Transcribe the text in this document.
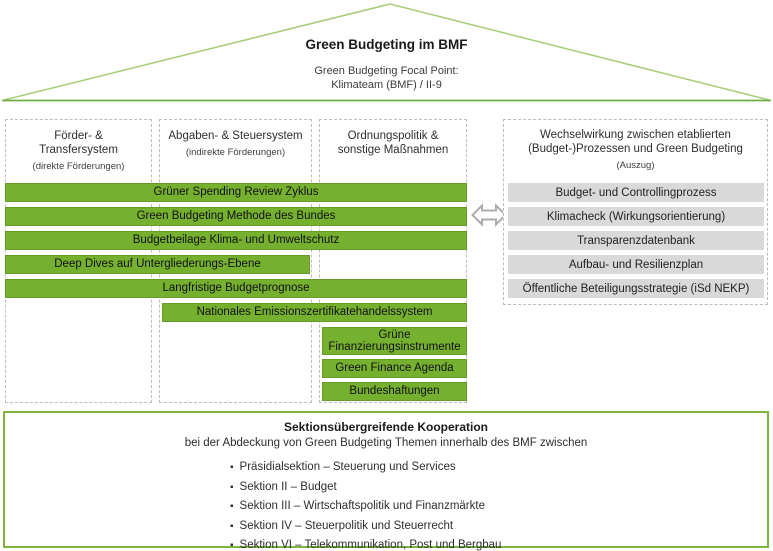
Green Budgeting im BMF
Green Budgeting Focal Point:
Klimateam (BMF) / II-9
Förder- & Transfersystem
(direkte Förderungen)
Abgaben- & Steuersystem
(indirekte Förderungen)
Ordnungspolitik & sonstige Maßnahmen
Grüner Spending Review Zyklus
Green Budgeting Methode des Bundes
Budgetbeilage Klima- und Umweltschutz
Deep Dives auf Untergliederungs-Ebene
Langfristige Budgetprognose
Nationales Emissionszertifikatehandelssystem
Grüne Finanzierungsinstrumente
Green Finance Agenda
Bundeshaftungen
Wechselwirkung zwischen etablierten (Budget-)Prozessen und Green Budgeting
(Auszug)
Budget- und Controllingprozess
Klimacheck (Wirkungsorientierung)
Transparenzdatenbank
Aufbau- und Resilienzplan
Öffentliche Beteiligungsstrategie (iSd NEKP)
Sektionsübergreifende Kooperation
bei der Abdeckung von Green Budgeting Themen innerhalb des BMF zwischen
▪ Präsidialsektion – Steuerung und Services
▪ Sektion II – Budget
▪ Sektion III – Wirtschaftspolitik und Finanzmärkte
▪ Sektion IV – Steuerpolitik und Steuerrecht
▪ Sektion VI – Telekommunikation, Post und Bergbau
